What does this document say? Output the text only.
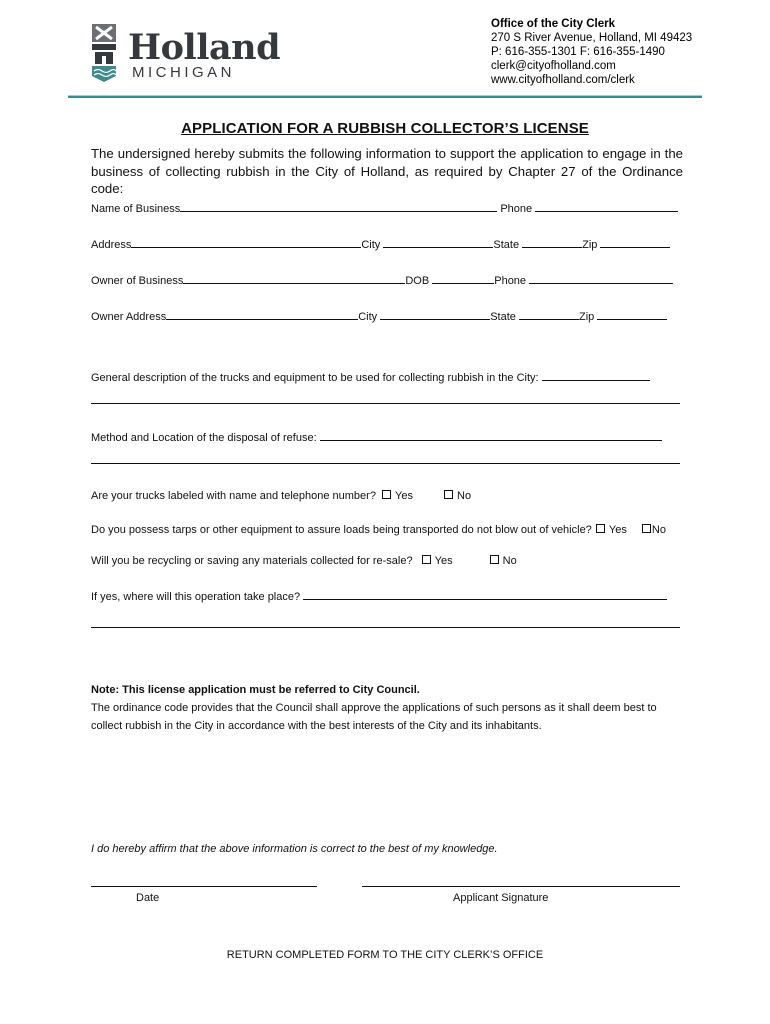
Holland
MICHIGAN
Office of the City Clerk
270 S River Avenue, Holland, MI 49423
P: 616-355-1301 F: 616-355-1490
clerk@cityofholland.com
www.cityofholland.com/clerk
APPLICATION FOR A RUBBISH COLLECTOR’S LICENSE
The undersigned hereby submits the following information to support the application to engage in the business of collecting rubbish in the City of Holland, as required by Chapter 27 of the Ordinance code:
Name of Business	Phone
Address	City	State	Zip
Owner of Business	DOB	Phone
Owner Address	City	State	Zip
General description of the trucks and equipment to be used for collecting rubbish in the City:
Method and Location of the disposal of refuse:
Are your trucks labeled with name and telephone number? Yes	No
Do you possess tarps or other equipment to assure loads being transported do not blow out of vehicle? Yes No
Will you be recycling or saving any materials collected for re-sale? Yes	No
If yes, where will this operation take place?
Note: This license application must be referred to City Council.
The ordinance code provides that the Council shall approve the applications of such persons as it shall deem best to collect rubbish in the City in accordance with the best interests of the City and its inhabitants.
I do hereby affirm that the above information is correct to the best of my knowledge.
Date	Applicant Signature
RETURN COMPLETED FORM TO THE CITY CLERK’S OFFICE
